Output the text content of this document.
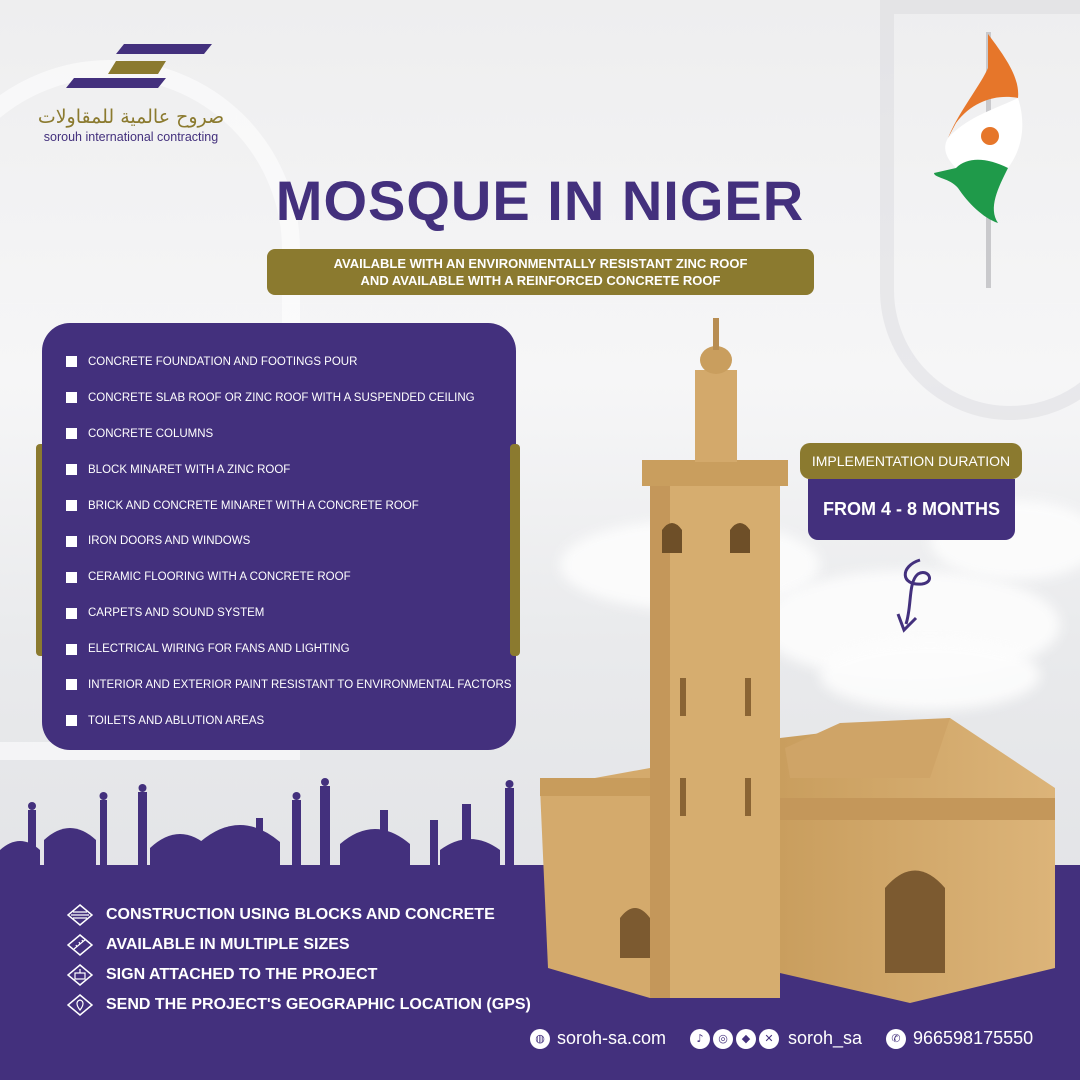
صروح عالمية للمقاولات
sorouh international contracting
MOSQUE IN NIGER
AVAILABLE WITH AN ENVIRONMENTALLY RESISTANT ZINC ROOF
AND AVAILABLE WITH A REINFORCED CONCRETE ROOF
CONCRETE FOUNDATION AND FOOTINGS POUR
CONCRETE SLAB ROOF OR ZINC ROOF WITH A SUSPENDED CEILING
CONCRETE COLUMNS
BLOCK MINARET WITH A ZINC ROOF
BRICK AND CONCRETE MINARET WITH A CONCRETE ROOF
IRON DOORS AND WINDOWS
CERAMIC FLOORING WITH A CONCRETE ROOF
CARPETS AND SOUND SYSTEM
ELECTRICAL WIRING FOR FANS AND LIGHTING
INTERIOR AND EXTERIOR PAINT RESISTANT TO ENVIRONMENTAL FACTORS
TOILETS AND ABLUTION AREAS
IMPLEMENTATION DURATION
FROM 4 - 8 MONTHS
CONSTRUCTION USING BLOCKS AND CONCRETE
AVAILABLE IN MULTIPLE SIZES
SIGN ATTACHED TO THE PROJECT
SEND THE PROJECT'S GEOGRAPHIC LOCATION (GPS)
◍ soroh-sa.com	♪	◎	◆	✕ soroh_sa	✆ 966598175550
